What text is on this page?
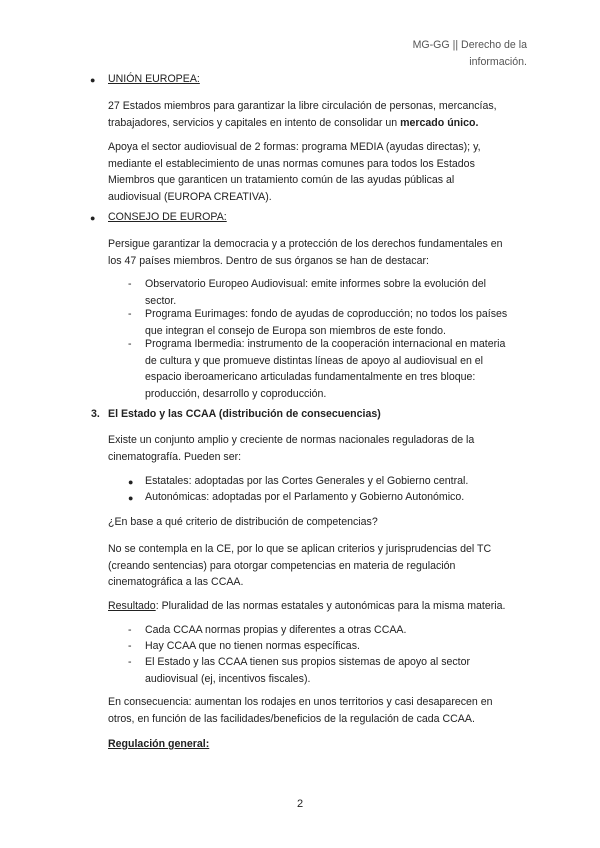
MG-GG || Derecho de la
información.
● UNIÓN EUROPEA:

27 Estados miembros para garantizar la libre circulación de personas, mercancías,

trabajadores, servicios y capitales en intento de consolidar un mercado único.

Apoya el sector audiovisual de 2 formas: programa MEDIA (ayudas directas); y,

mediante el establecimiento de unas normas comunes para todos los Estados

Miembros que garanticen un tratamiento común de las ayudas públicas al

audiovisual (EUROPA CREATIVA).

● CONSEJO DE EUROPA:

Persigue garantizar la democracia y a protección de los derechos fundamentales en

los 47 países miembros. Dentro de sus órganos se han de destacar:

- Observatorio Europeo Audiovisual: emite informes sobre la evolución del

sector.

- Programa Eurimages: fondo de ayudas de coproducción; no todos los países

que integran el consejo de Europa son miembros de este fondo.

- Programa Ibermedia: instrumento de la cooperación internacional en materia

de cultura y que promueve distintas líneas de apoyo al audiovisual en el

espacio iberoamericano articuladas fundamentalmente en tres bloque:

producción, desarrollo y coproducción.

3. El Estado y las CCAA (distribución de consecuencias)

Existe un conjunto amplio y creciente de normas nacionales reguladoras de la

cinematografía. Pueden ser:

● Estatales: adoptadas por las Cortes Generales y el Gobierno central.
● Autonómicas: adoptadas por el Parlamento y Gobierno Autonómico.
¿En base a qué criterio de distribución de competencias?

No se contempla en la CE, por lo que se aplican criterios y jurisprudencias del TC

(creando sentencias) para otorgar competencias en materia de regulación

cinematográfica a las CCAA.

Resultado: Pluralidad de las normas estatales y autonómicas para la misma materia.
- Cada CCAA normas propias y diferentes a otras CCAA.
- Hay CCAA que no tienen normas específicas.
- El Estado y las CCAA tienen sus propios sistemas de apoyo al sector

audiovisual (ej, incentivos fiscales).

En consecuencia: aumentan los rodajes en unos territorios y casi desaparecen en

otros, en función de las facilidades/beneficios de la regulación de cada CCAA.

Regulación general:
2
